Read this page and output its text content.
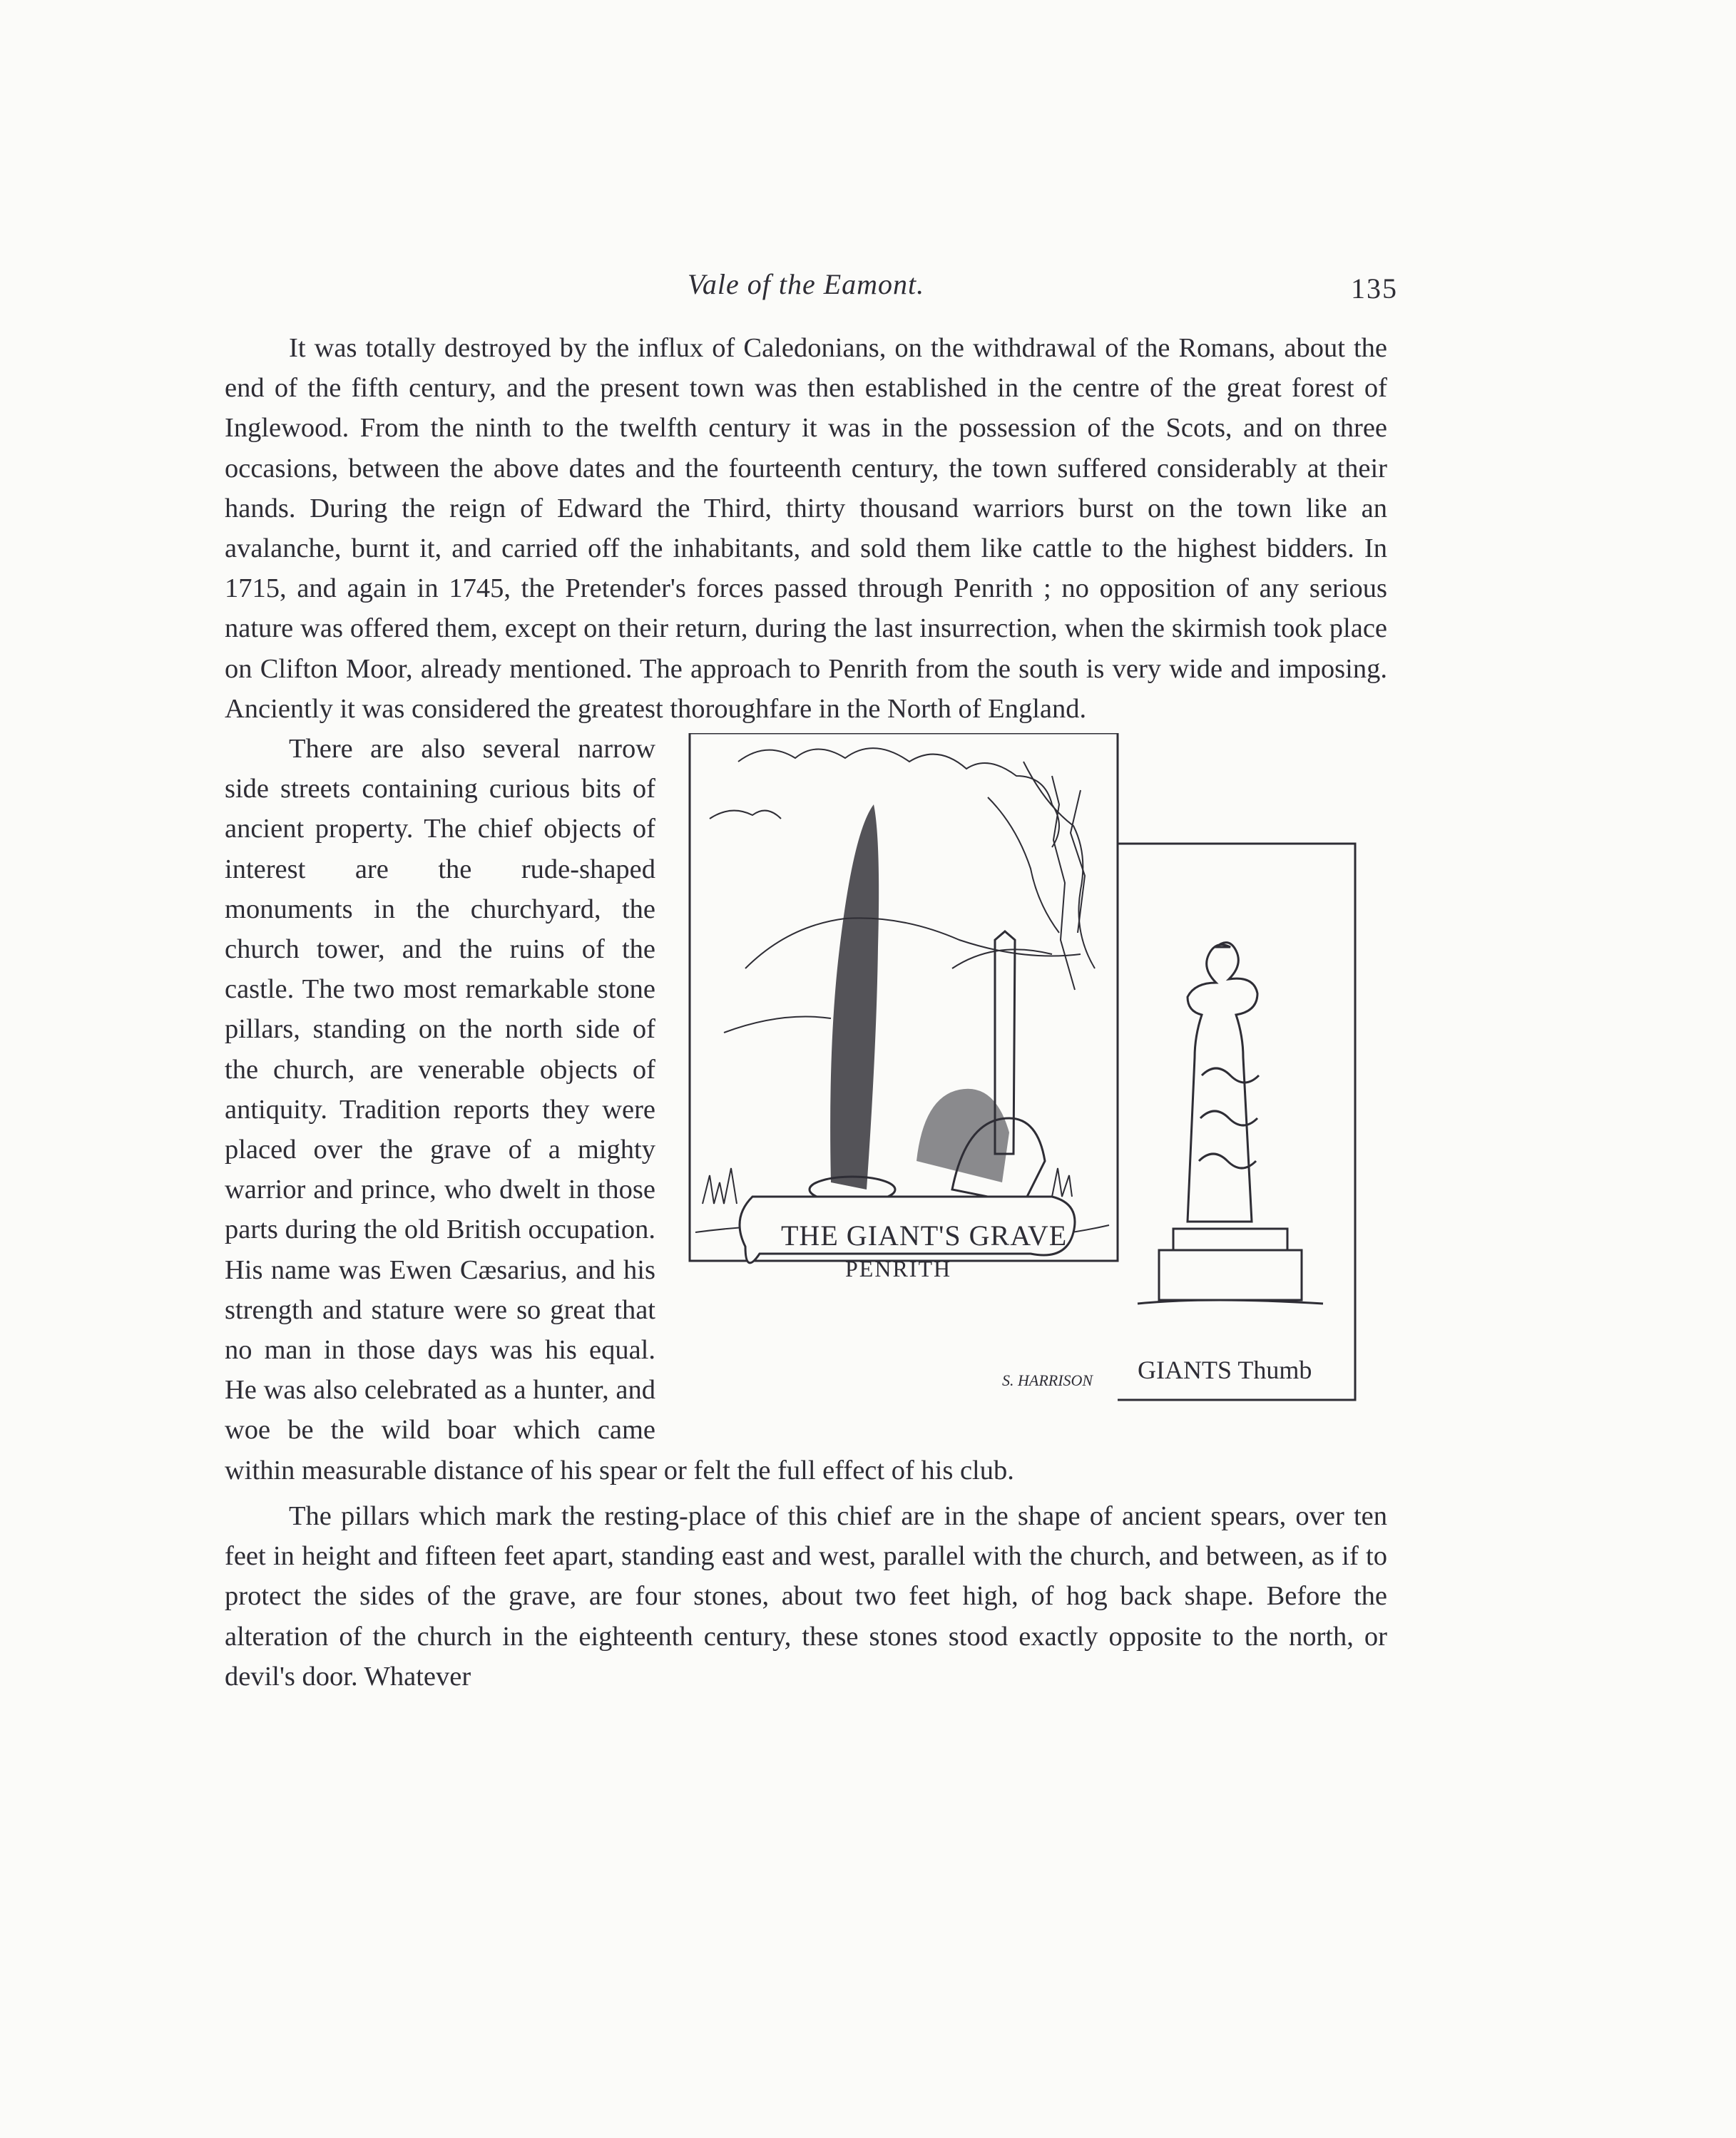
Vale of the Eamont.	135

It was totally destroyed by the influx of Caledonians, on the withdrawal of the Romans, about the end of the fifth century, and the present town was then established in the centre of the great forest of Inglewood. From the ninth to the twelfth century it was in the possession of the Scots, and on three occasions, between the above dates and the fourteenth century, the town suffered considerably at their hands. During the reign of Edward the Third, thirty thousand warriors burst on the town like an avalanche, burnt it, and carried off the inhabitants, and sold them like cattle to the highest bidders. In 1715, and again in 1745, the Pretender's forces passed through Penrith ; no opposition of any serious nature was offered them, except on their return, during the last insurrection, when the skirmish took place on Clifton Moor, already mentioned. The approach to Penrith from the south is very wide and imposing. Anciently it was considered the greatest thoroughfare in the North of England.

THE GIANT'S GRAVE
PENRITH
S. HARRISON GIANTS Thumb

There are also several narrow side streets containing curious bits of ancient property. The chief objects of interest are the rude-shaped monuments in the churchyard, the church tower, and the ruins of the castle. The two most remarkable stone pillars, standing on the north side of the church, are venerable objects of antiquity. Tradition reports they were placed over the grave of a mighty warrior and prince, who dwelt in those parts during the old British occupation. His name was Ewen Cæsarius, and his strength and stature were so great that no man in those days was his equal. He was also celebrated as a hunter, and woe be the wild boar which came within measurable distance of his spear or felt the full effect of his club.

The pillars which mark the resting-place of this chief are in the shape of ancient spears, over ten feet in height and fifteen feet apart, standing east and west, parallel with the church, and between, as if to protect the sides of the grave, are four stones, about two feet high, of hog back shape. Before the alteration of the church in the eighteenth century, these stones stood exactly opposite to the north, or devil's door. Whatever
